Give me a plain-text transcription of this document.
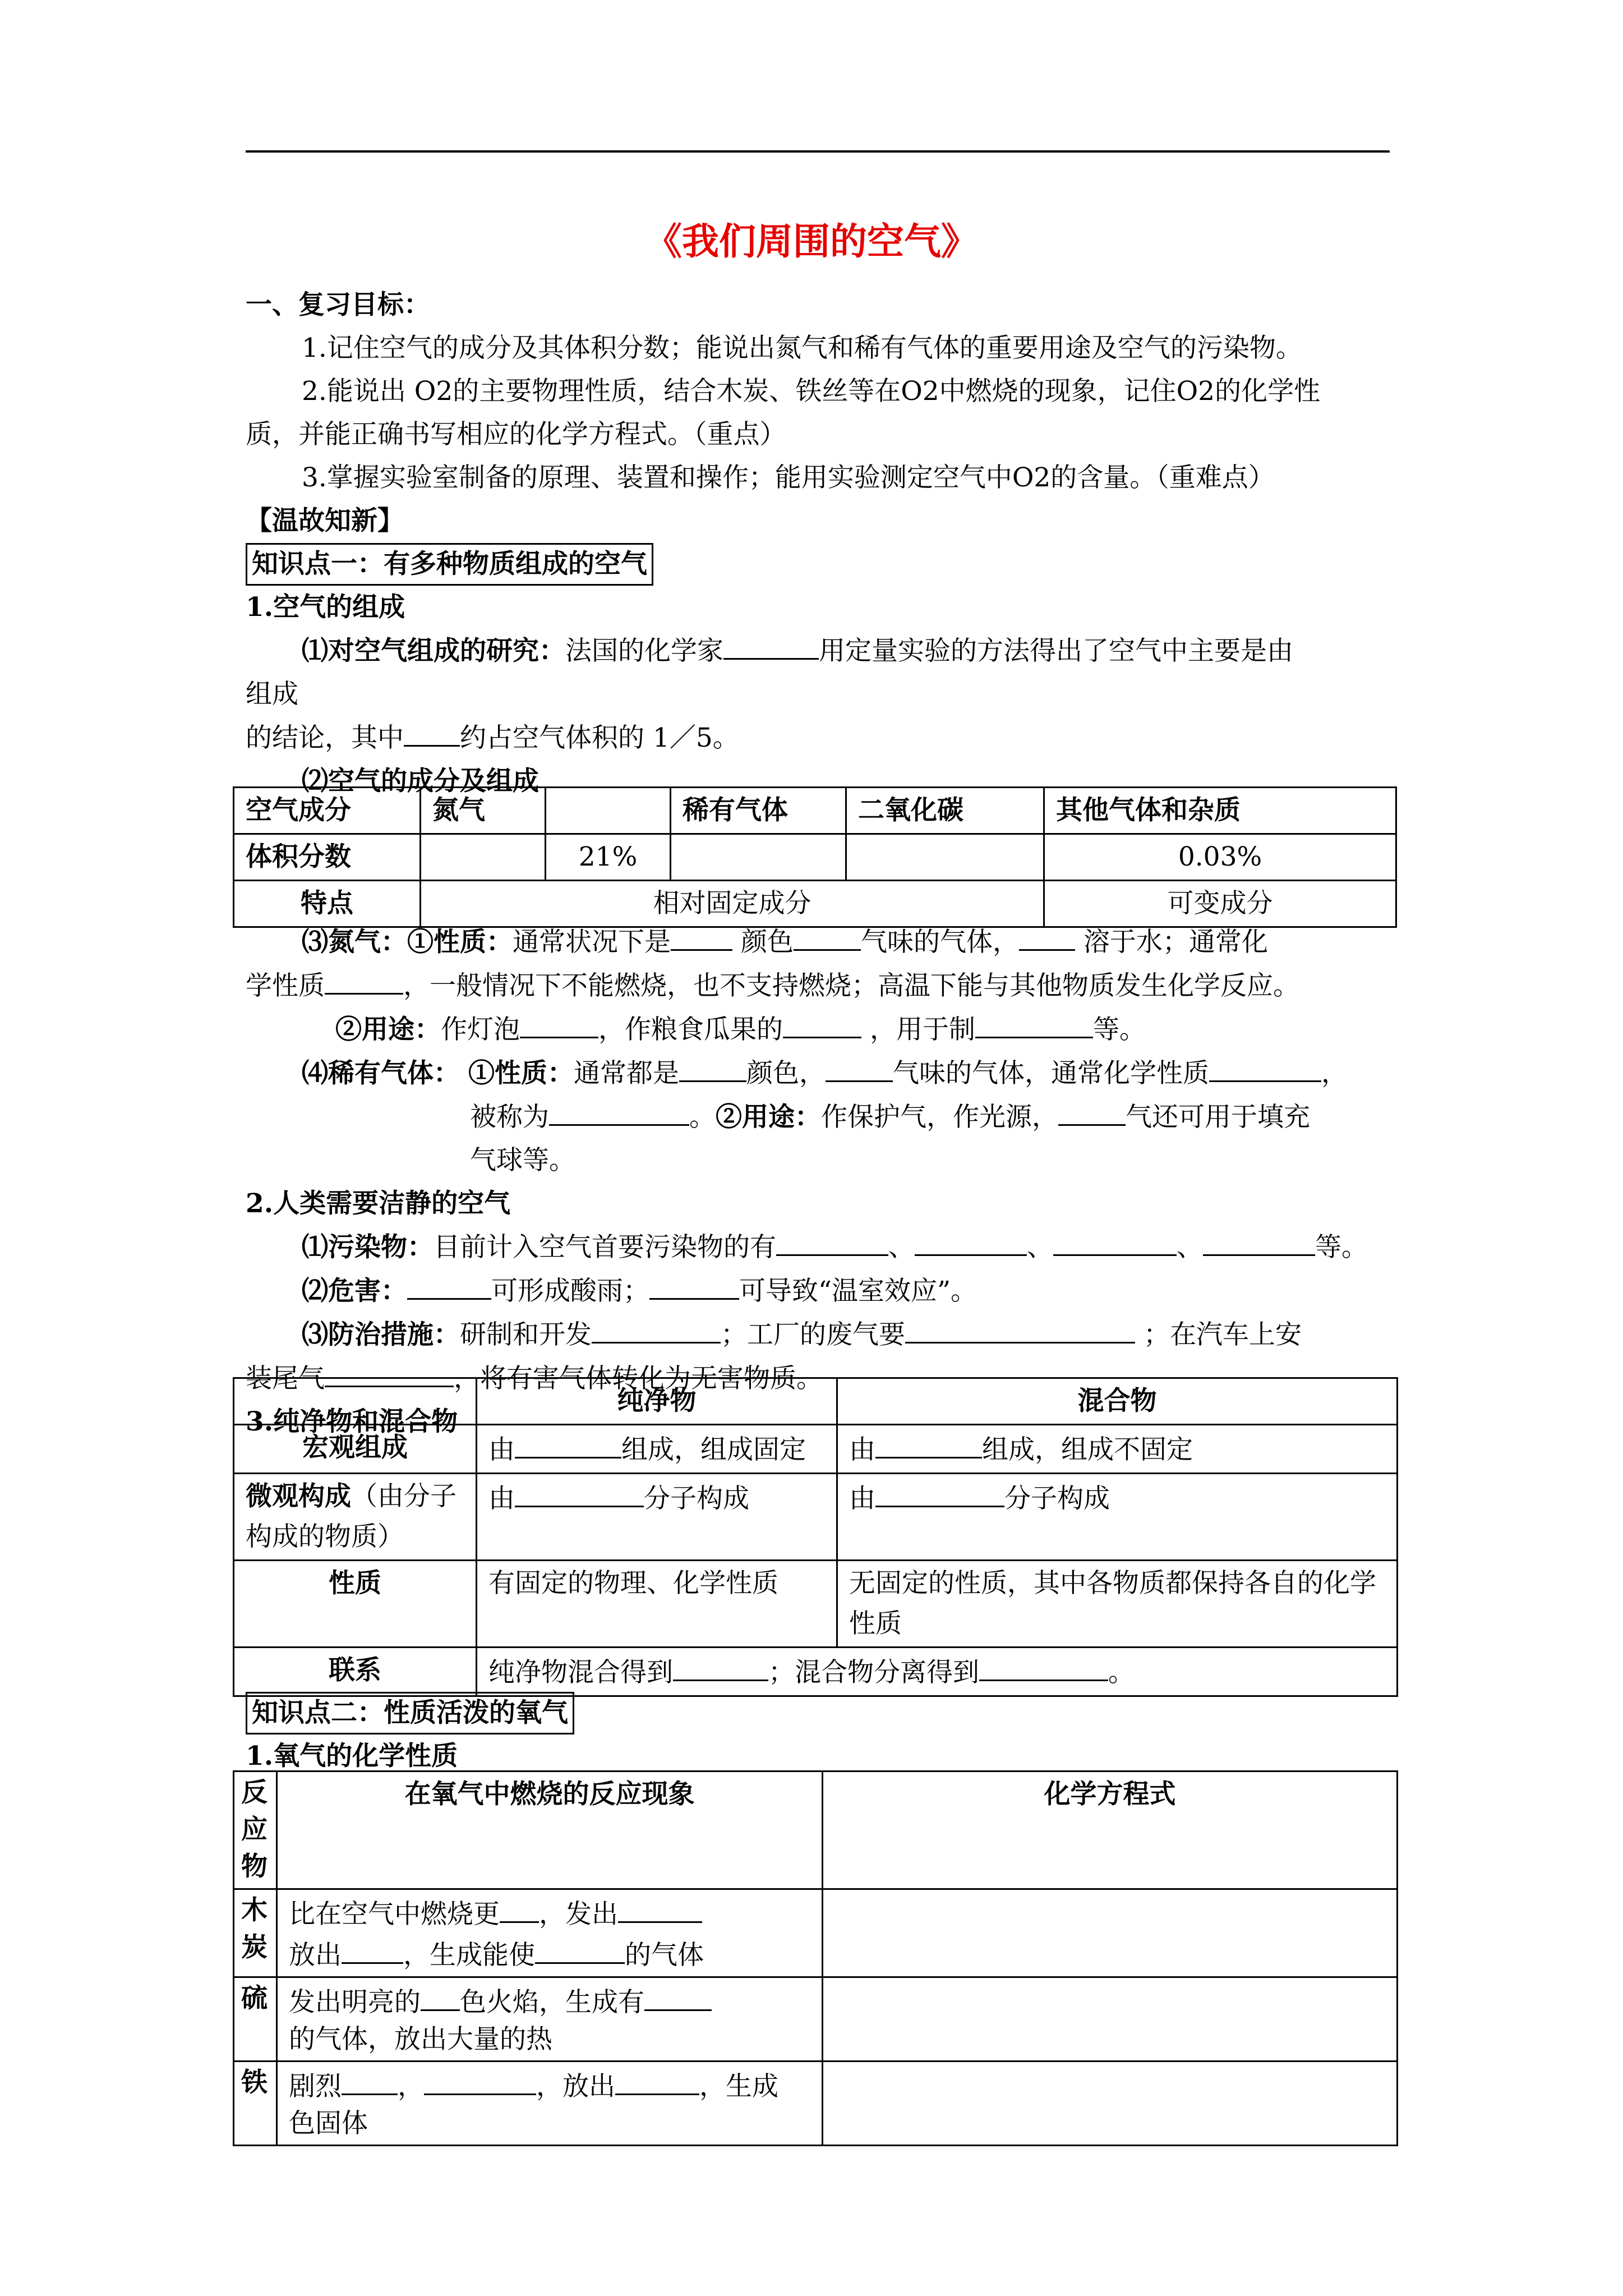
《我们周围的空气》
一、复习目标：
1.记住空气的成分及其体积分数；能说出氮气和稀有气体的重要用途及空气的污染物。
2.能说出 O2的主要物理性质，结合木炭、铁丝等在O2中燃烧的现象，记住O2的化学性
质，并能正确书写相应的化学方程式。（重点）
3.掌握实验室制备的原理、装置和操作；能用实验测定空气中O2的含量。（重难点）
【温故知新】
知识点一：有多种物质组成的空气
1.空气的组成
⑴对空气组成的研究：法国的化学家	用定量实验的方法得出了空气中主要是由
组成
的结论，其中 约占空气体积的 1／5。
⑵空气的成分及组成
空气成分	氮气		稀有气体	二氧化碳	其他气体和杂质
体积分数		21%			0.03%
特点	相对固定成分				可变成分
⑶氮气：①性质：通常状况下是	颜色	气味的气体， 溶于水；通常化
学性质	，一般情况下不能燃烧，也不支持燃烧；高温下能与其他物质发生化学反应。
②用途：作灯泡	，作粮食瓜果的	，用于制	等。
⑷稀有气体： ①性质：通常都是	颜色，	气味的气体，通常化学性质	，
被称为	。②用途：作保护气，作光源，	气还可用于填充
气球等。
2.人类需要洁静的空气
⑴污染物：目前计入空气首要污染物的有	、	、	、	等。
⑵危害：	可形成酸雨；	可导致“温室效应”。
⑶防治措施：研制和开发	；工厂的废气要	；在汽车上安
装尾气	，将有害气体转化为无害物质。
3.纯净物和混合物
	纯净物	混合物
宏观组成	由 组成，组成固定	由 组成，组成不固定
微观构成（由分子构成的物质）	由 分子构成	由 分子构成
性质	有固定的物理、化学性质	无固定的性质，其中各物质都保持各自的化学性质
联系	纯净物混合得到 ；混合物分离得到 。	
知识点二：性质活泼的氧气
1.氧气的化学性质
反应物	在氧气中燃烧的反应现象	化学方程式
木炭	比在空气中燃烧更 ，发出
放出 ，生成能使 的气体	
硫	发出明亮的 色火焰，生成有
的气体，放出大量的热	
铁	剧烈 ， ，放出 ，生成
色固体	
